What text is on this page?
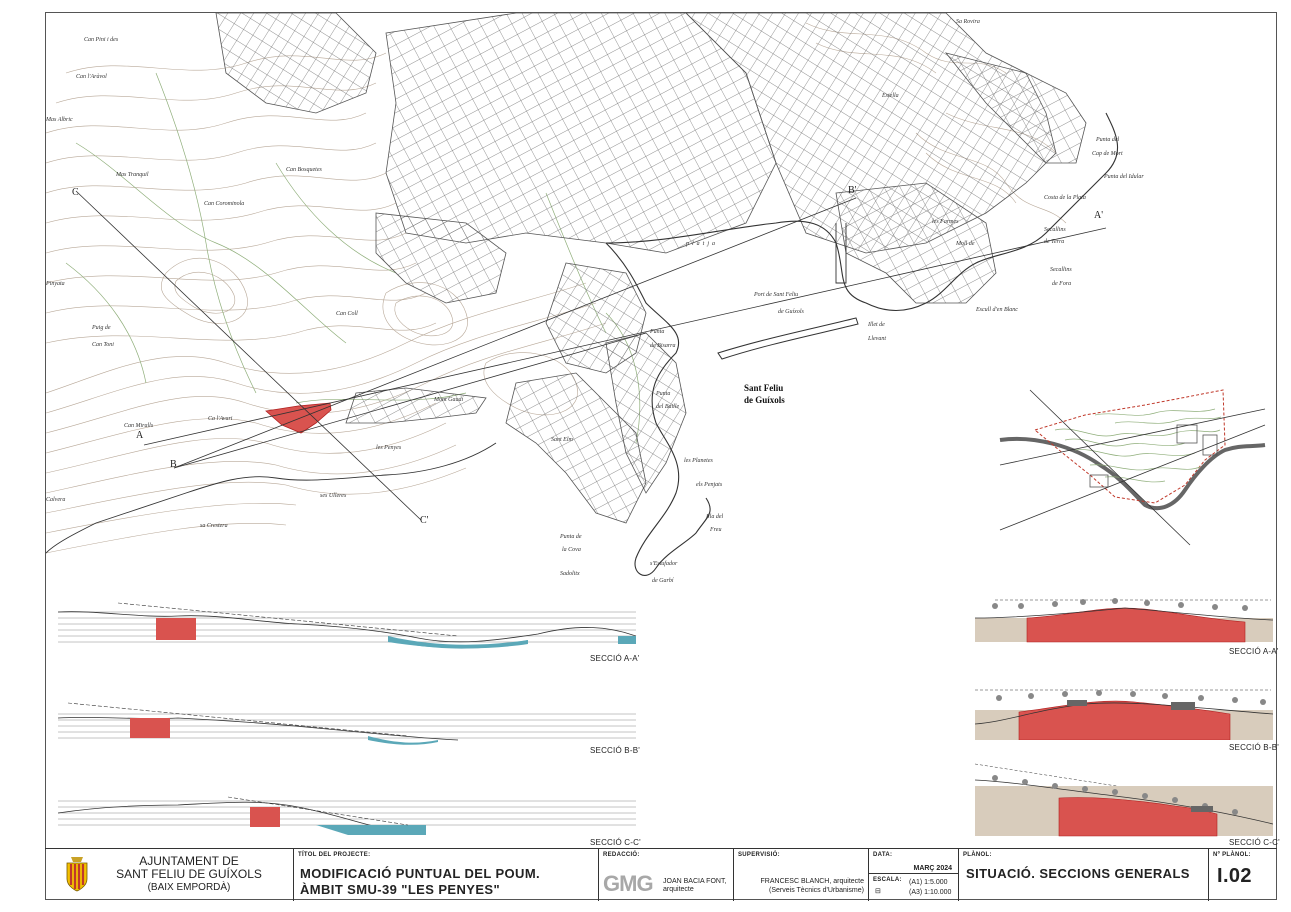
A
A'
B
B'
C
C'
Can Pini i des
Can l'Aràvol
Mas Albric
Mas Tranquil
Can Bosquetes
Can Corominola
Puig de
Can Toni
Pinyata
Can Coll
Can Miralls
Ca l'Avari
Mont Gaudí
les Penyes
ses Ulleres
sa Crestera
Calvera
platja
Port de Sant Feliu
de Guíxols
Illet de
Llevant
Punta
de Bisarra
Punta
del Baille
Sant Elm
les Planetes
els Penjats
Illa del
Freu
Punta de
la Cova
Sadolitx
s'Estufador
de Garbí
Punta del
Cap de Mort
Punta del Idular
Costa de la Plata
Moll de
Secallins
de Terra
Secallins
de Fora
Escull d'en Blanc
les Farmes
Estella
Sa Rovira
Sant Feliu
de Guíxols
SECCIÓ A-A'
SECCIÓ B-B'
SECCIÓ C-C'
SECCIÓ A-A'
SECCIÓ B-B'
SECCIÓ C-C'
AJUNTAMENT DE
SANT FELIU DE GUÍXOLS
(BAIX EMPORDÀ)
TÍTOL DEL PROJECTE:
MODIFICACIÓ PUNTUAL DEL POUM.
ÀMBIT SMU-39 "LES PENYES"
REDACCIÓ:
GMG JOAN BACIA FONT,
arquitecte
SUPERVISIÓ:
FRANCESC BLANCH, arquitecte
(Serveis Tècnics d'Urbanisme)
DATA:
MARÇ 2024
ESCALA:
⊟
(A1) 1:5.000
(A3) 1:10.000
PLÀNOL:
SITUACIÓ. SECCIONS GENERALS
Nº PLÀNOL:
I.02
